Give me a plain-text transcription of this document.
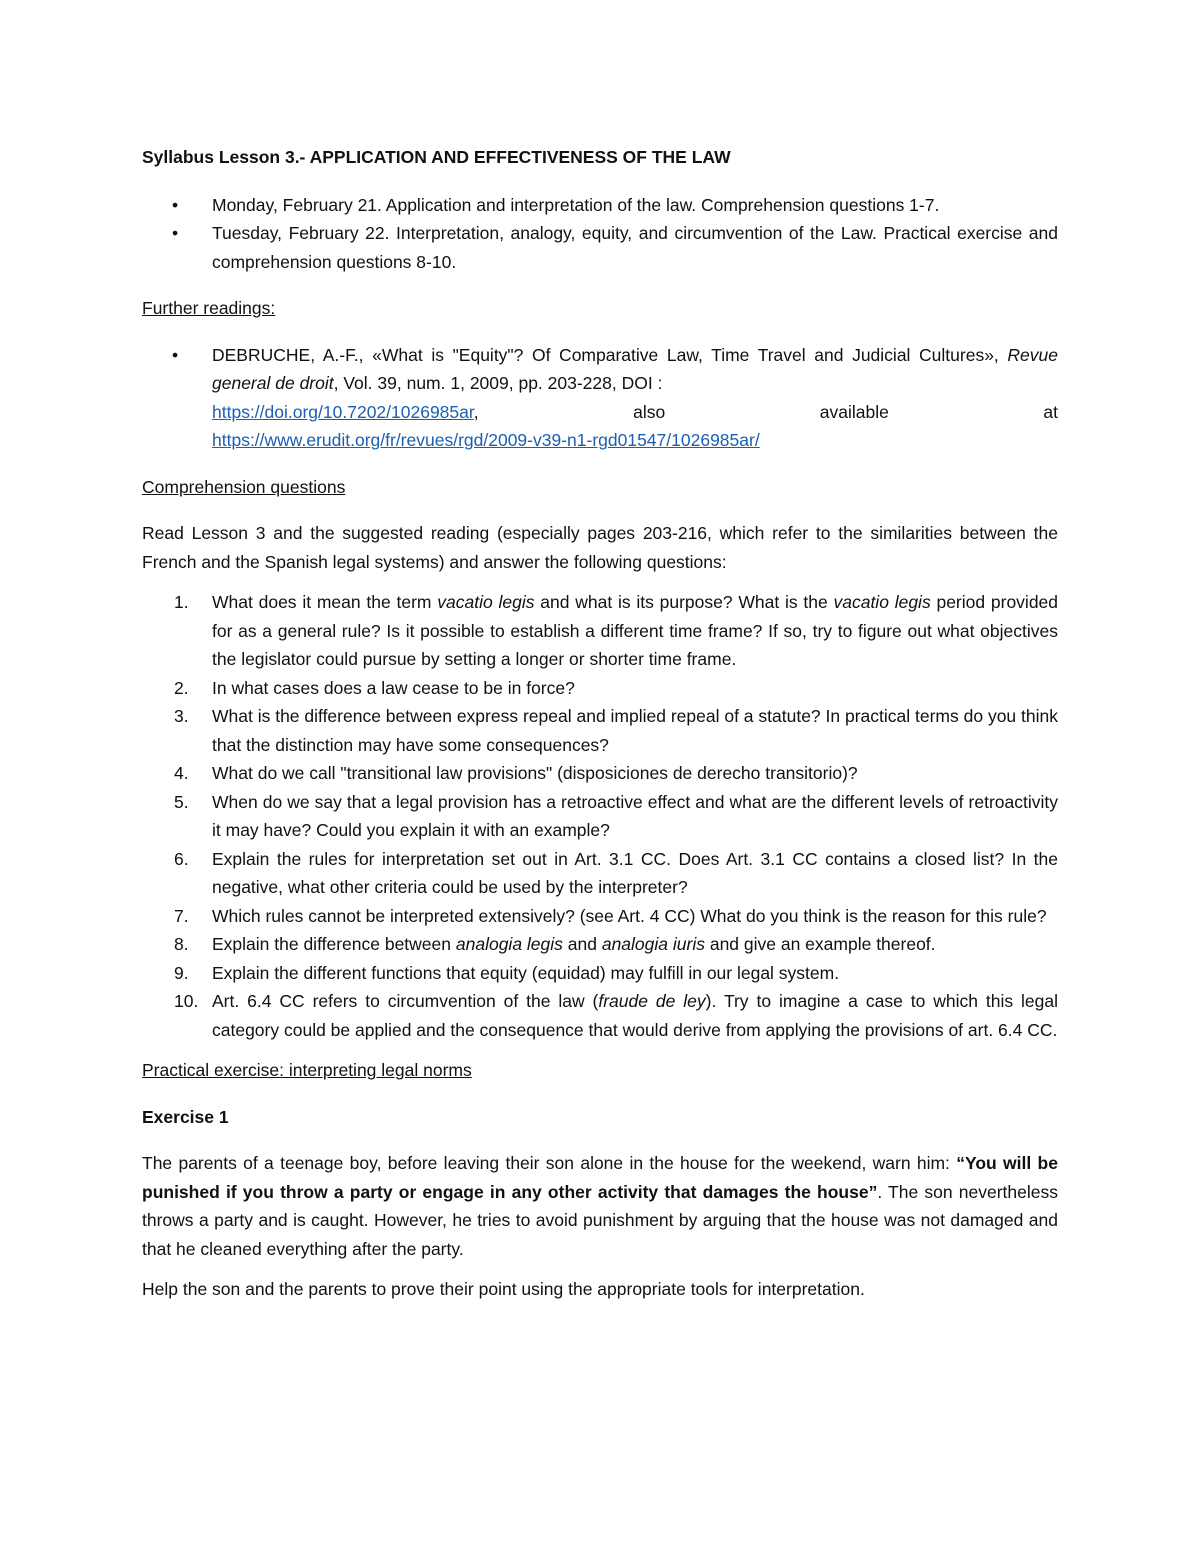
Syllabus Lesson 3.- APPLICATION AND EFFECTIVENESS OF THE LAW

• Monday, February 21. Application and interpretation of the law. Comprehension questions 1-7.
• Tuesday, February 22. Interpretation, analogy, equity, and circumvention of the Law. Practical exercise and comprehension questions 8-10.

Further readings:

• DEBRUCHE, A.-F., «What is "Equity"? Of Comparative Law, Time Travel and Judicial Cultures», Revue general de droit, Vol. 39, num. 1, 2009, pp. 203-228, DOI :
https://doi.org/10.7202/1026985ar,	also	available	at
https://www.erudit.org/fr/revues/rgd/2009-v39-n1-rgd01547/1026985ar/

Comprehension questions

Read Lesson 3 and the suggested reading (especially pages 203-216, which refer to the similarities between the French and the Spanish legal systems) and answer the following questions:

1.	What does it mean the term vacatio legis and what is its purpose? What is the vacatio legis period provided for as a general rule? Is it possible to establish a different time frame? If so, try to figure out what objectives the legislator could pursue by setting a longer or shorter time frame.
2.	In what cases does a law cease to be in force?
3.	What is the difference between express repeal and implied repeal of a statute? In practical terms do you think that the distinction may have some consequences?
4.	What do we call "transitional law provisions" (disposiciones de derecho transitorio)?
5.	When do we say that a legal provision has a retroactive effect and what are the different levels of retroactivity it may have? Could you explain it with an example?
6.	Explain the rules for interpretation set out in Art. 3.1 CC. Does Art. 3.1 CC contains a closed list? In the negative, what other criteria could be used by the interpreter?
7.	Which rules cannot be interpreted extensively? (see Art. 4 CC) What do you think is the reason for this rule?
8.	Explain the difference between analogia legis and analogia iuris and give an example thereof.
9.	Explain the different functions that equity (equidad) may fulfill in our legal system.
10. Art. 6.4 CC refers to circumvention of the law (fraude de ley). Try to imagine a case to which this legal category could be applied and the consequence that would derive from applying the provisions of art. 6.4 CC.

Practical exercise: interpreting legal norms

Exercise 1

The parents of a teenage boy, before leaving their son alone in the house for the weekend, warn him: “You will be punished if you throw a party or engage in any other activity that damages the house”. The son nevertheless throws a party and is caught. However, he tries to avoid punishment by arguing that the house was not damaged and that he cleaned everything after the party.

Help the son and the parents to prove their point using the appropriate tools for interpretation.
